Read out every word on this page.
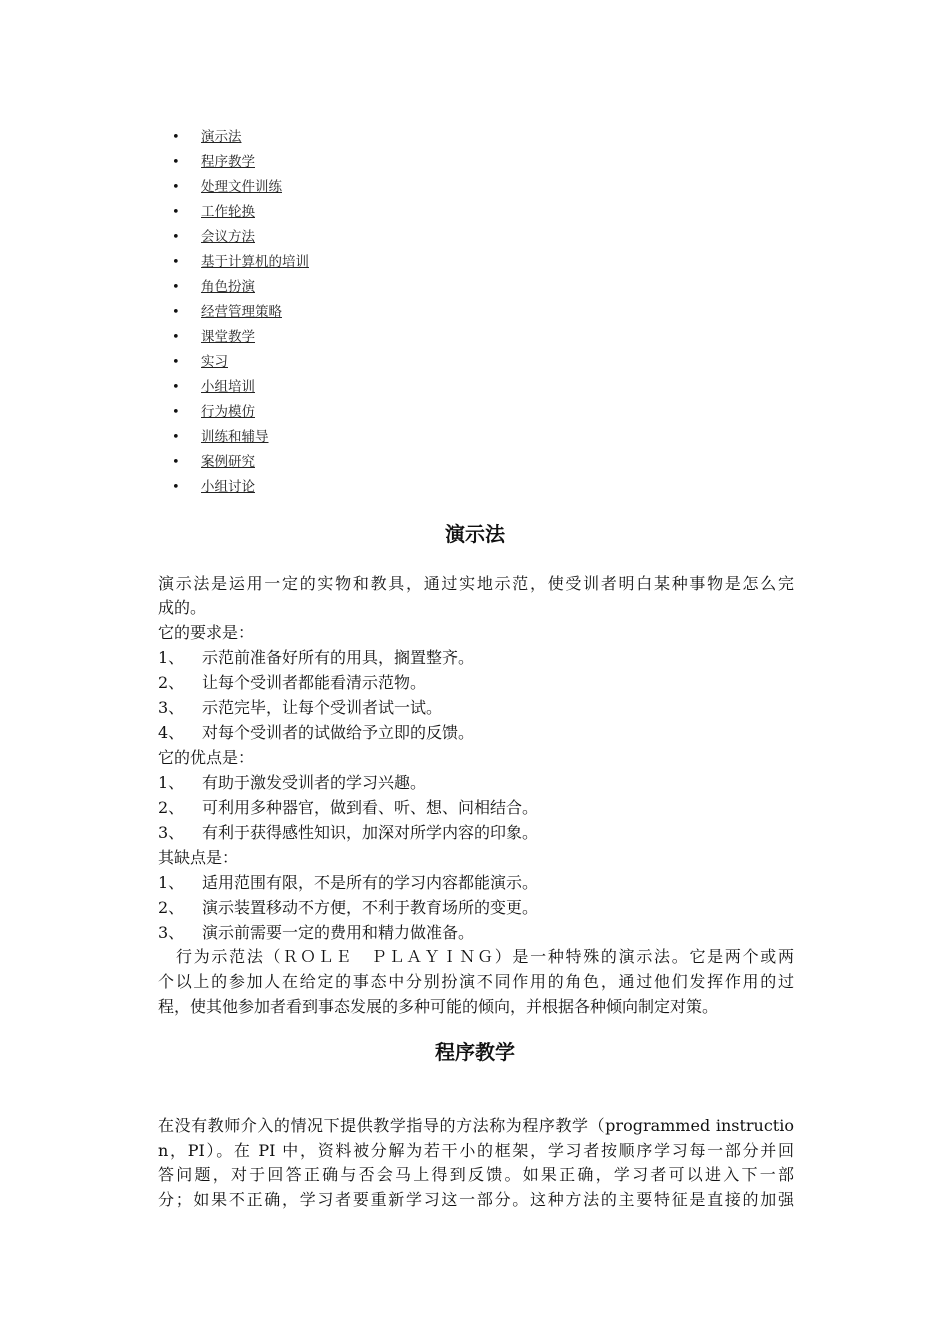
• 演示法
• 程序教学
• 处理文件训练
• 工作轮换
• 会议方法
• 基于计算机的培训
• 角色扮演
• 经营管理策略
• 课堂教学
• 实习
• 小组培训
• 行为模仿
• 训练和辅导
• 案例研究
• 小组讨论
演示法

演示法是运用一定的实物和教具，通过实地示范，使受训者明白某种事物是怎么完

成的。

它的要求是：

1、 示范前准备好所有的用具，搁置整齐。

2、 让每个受训者都能看清示范物。

3、 示范完毕，让每个受训者试一试。

4、 对每个受训者的试做给予立即的反馈。

它的优点是：

1、 有助于激发受训者的学习兴趣。

2、 可利用多种器官，做到看、听、想、问相结合。

3、 有利于获得感性知识，加深对所学内容的印象。

其缺点是：

1、 适用范围有限，不是所有的学习内容都能演示。

2、 演示装置移动不方便，不利于教育场所的变更。

3、 演示前需要一定的费用和精力做准备。

行为示范法（ＲＯＬＥ　ＰＬＡＹＩＮＧ）是一种特殊的演示法。它是两个或两

个以上的参加人在给定的事态中分别扮演不同作用的角色，通过他们发挥作用的过

程，使其他参加者看到事态发展的多种可能的倾向，并根据各种倾向制定对策。

程序教学

在没有教师介入的情况下提供教学指导的方法称为程序教学（programmed instructio

n，PI）。在 PI 中，资料被分解为若干小的框架，学习者按顺序学习每一部分并回

答问题，对于回答正确与否会马上得到反馈。如果正确，学习者可以进入下一部

分；如果不正确，学习者要重新学习这一部分。这种方法的主要特征是直接的加强
